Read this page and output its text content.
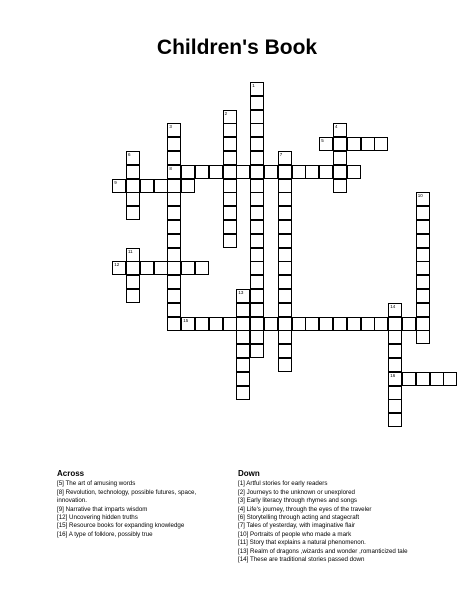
Children's Book
1
2
3
8
4
5
6	7
9
10
11
12
13
14
16
15
Across
[5] The art of amusing words
[8] Revolution, technology, possible futures, space, innovation.
[9] Narrative that imparts wisdom
[12] Uncovering hidden truths
[15] Resource books for expanding knowledge
[16] A type of folklore, possibly true
Down
[1] Artful stories for early readers
[2] Journeys to the unknown or unexplored
[3] Early literacy through rhymes and songs
[4] Life's journey, through the eyes of the traveler
[6] Storytelling through acting and stagecraft
[7] Tales of yesterday, with imaginative flair
[10] Portraits of people who made a mark
[11] Story that explains a natural phenomenon.
[13] Realm of dragons ,wizards and wonder ,romanticized tale
[14] These are traditional stories passed down
